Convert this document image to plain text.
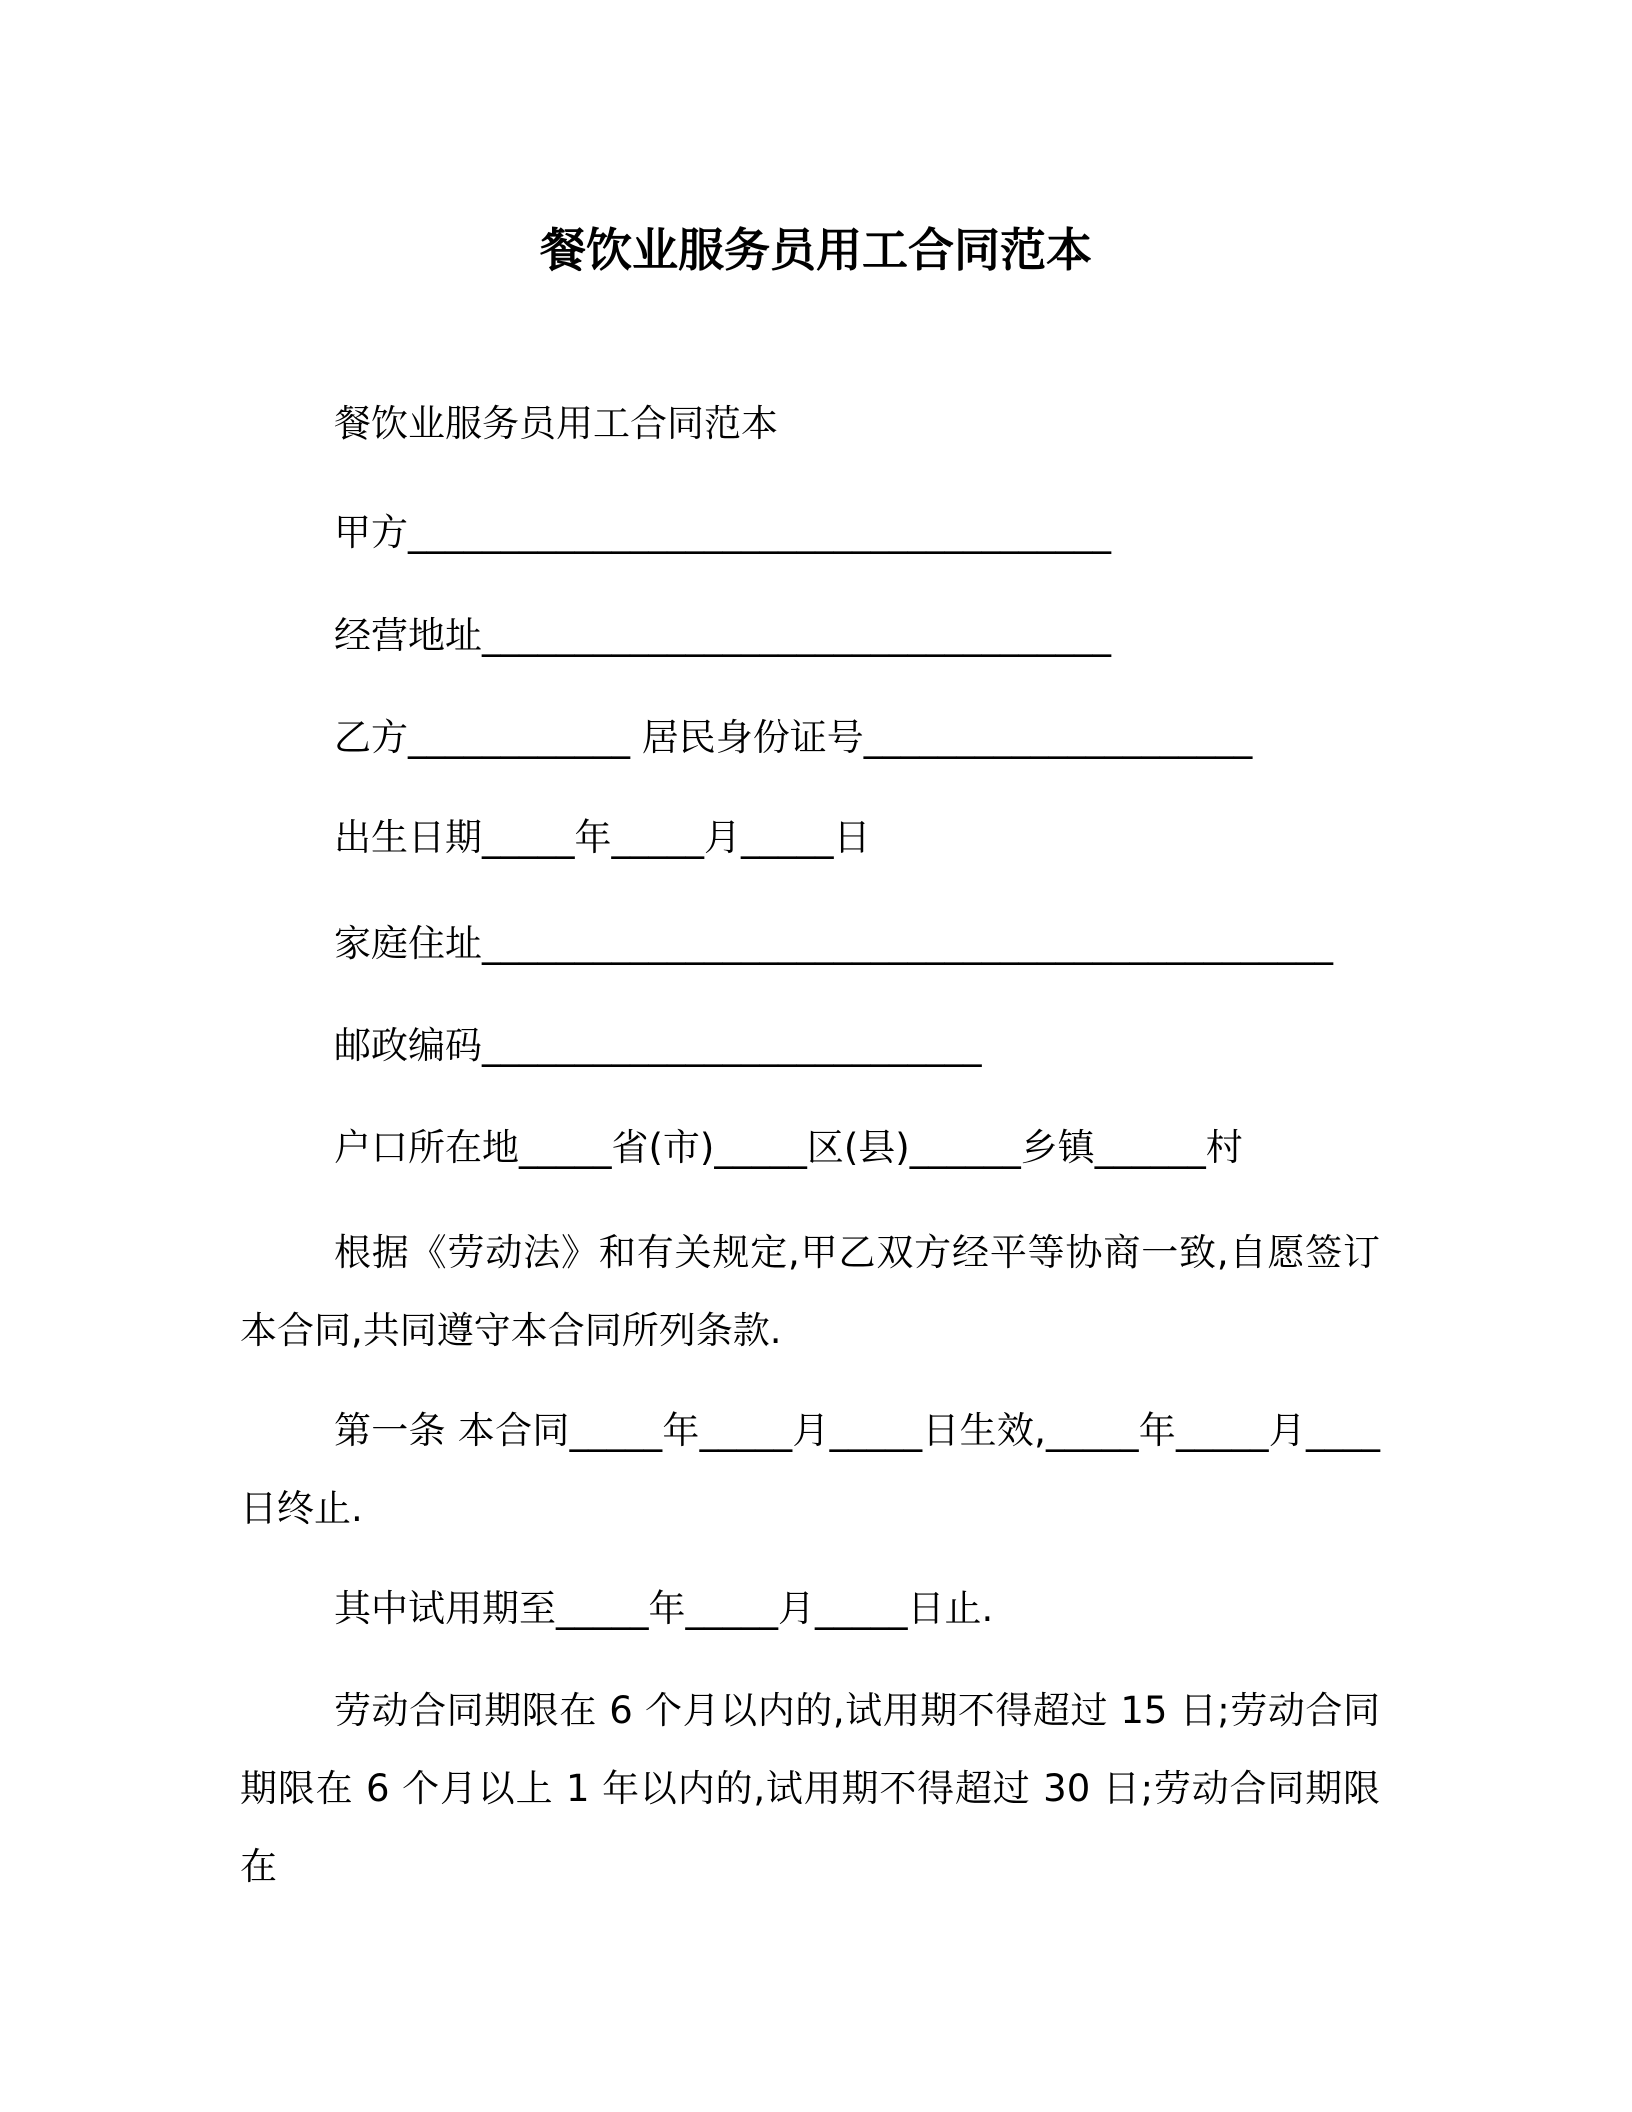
餐饮业服务员用工合同范本
餐饮业服务员用工合同范本
甲方______________________________________
经营地址__________________________________
乙方____________ 居民身份证号_____________________
出生日期_____年_____月_____日
家庭住址______________________________________________
邮政编码___________________________
户口所在地_____省(市)_____区(县)______乡镇______村
根据《劳动法》和有关规定,甲乙双方经平等协商一致,自愿签订本合同,共同遵守本合同所列条款.
第一条 本合同_____年_____月_____日生效,_____年_____月____日终止.
其中试用期至_____年_____月_____日止.
劳动合同期限在 6 个月以内的,试用期不得超过 15 日;劳动合同期限在 6 个月以上 1 年以内的,试用期不得超过 30 日;劳动合同期限在
